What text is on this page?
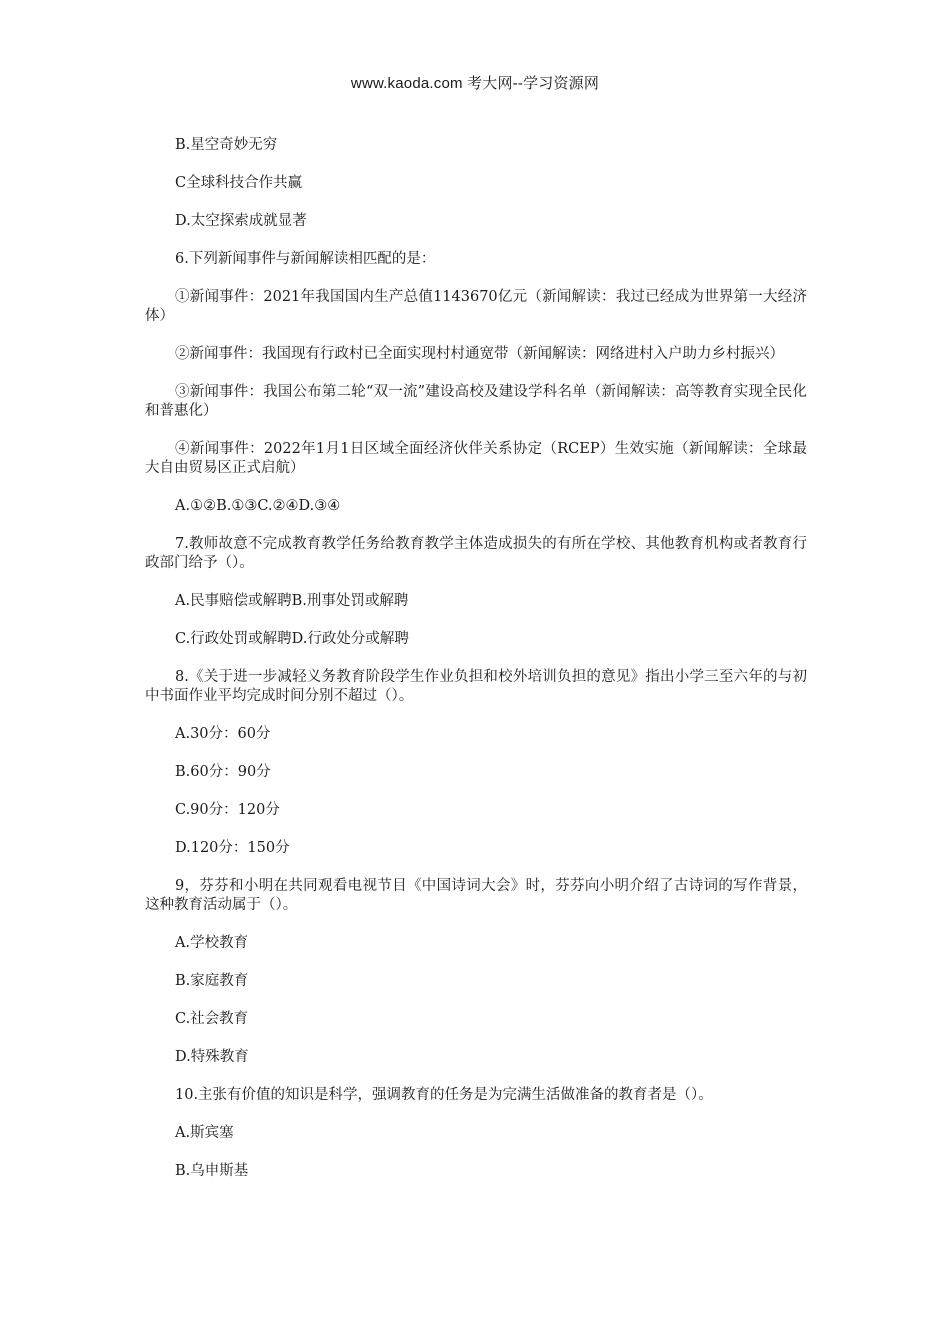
www.kaoda.com 考大网--学习资源网

B.星空奇妙无穷

C全球科技合作共赢

D.太空探索成就显著

6.下列新闻事件与新闻解读相匹配的是：

①新闻事件：2021年我国国内生产总值1143670亿元（新闻解读：我过已经成为世界第一大经济体）

②新闻事件：我国现有行政村已全面实现村村通宽带（新闻解读：网络进村入户助力乡村振兴）

③新闻事件：我国公布第二轮“双一流”建设高校及建设学科名单（新闻解读：高等教育实现全民化和普惠化）

④新闻事件：2022年1月1日区域全面经济伙伴关系协定（RCEP）生效实施（新闻解读：全球最大自由贸易区正式启航）

A.①②B.①③C.②④D.③④

7.教师故意不完成教育教学任务给教育教学主体造成损失的有所在学校、其他教育机构或者教育行政部门给予（）。

A.民事赔偿或解聘B.刑事处罚或解聘

C.行政处罚或解聘D.行政处分或解聘

8.《关于进一步减轻义务教育阶段学生作业负担和校外培训负担的意见》指出小学三至六年的与初中书面作业平均完成时间分别不超过（）。

A.30分：60分

B.60分：90分

C.90分：120分

D.120分：150分

9，芬芬和小明在共同观看电视节目《中国诗词大会》时，芬芬向小明介绍了古诗词的写作背景，这种教育活动属于（）。

A.学校教育

B.家庭教育

C.社会教育

D.特殊教育

10.主张有价值的知识是科学，强调教育的任务是为完满生活做准备的教育者是（）。

A.斯宾塞

B.乌申斯基
